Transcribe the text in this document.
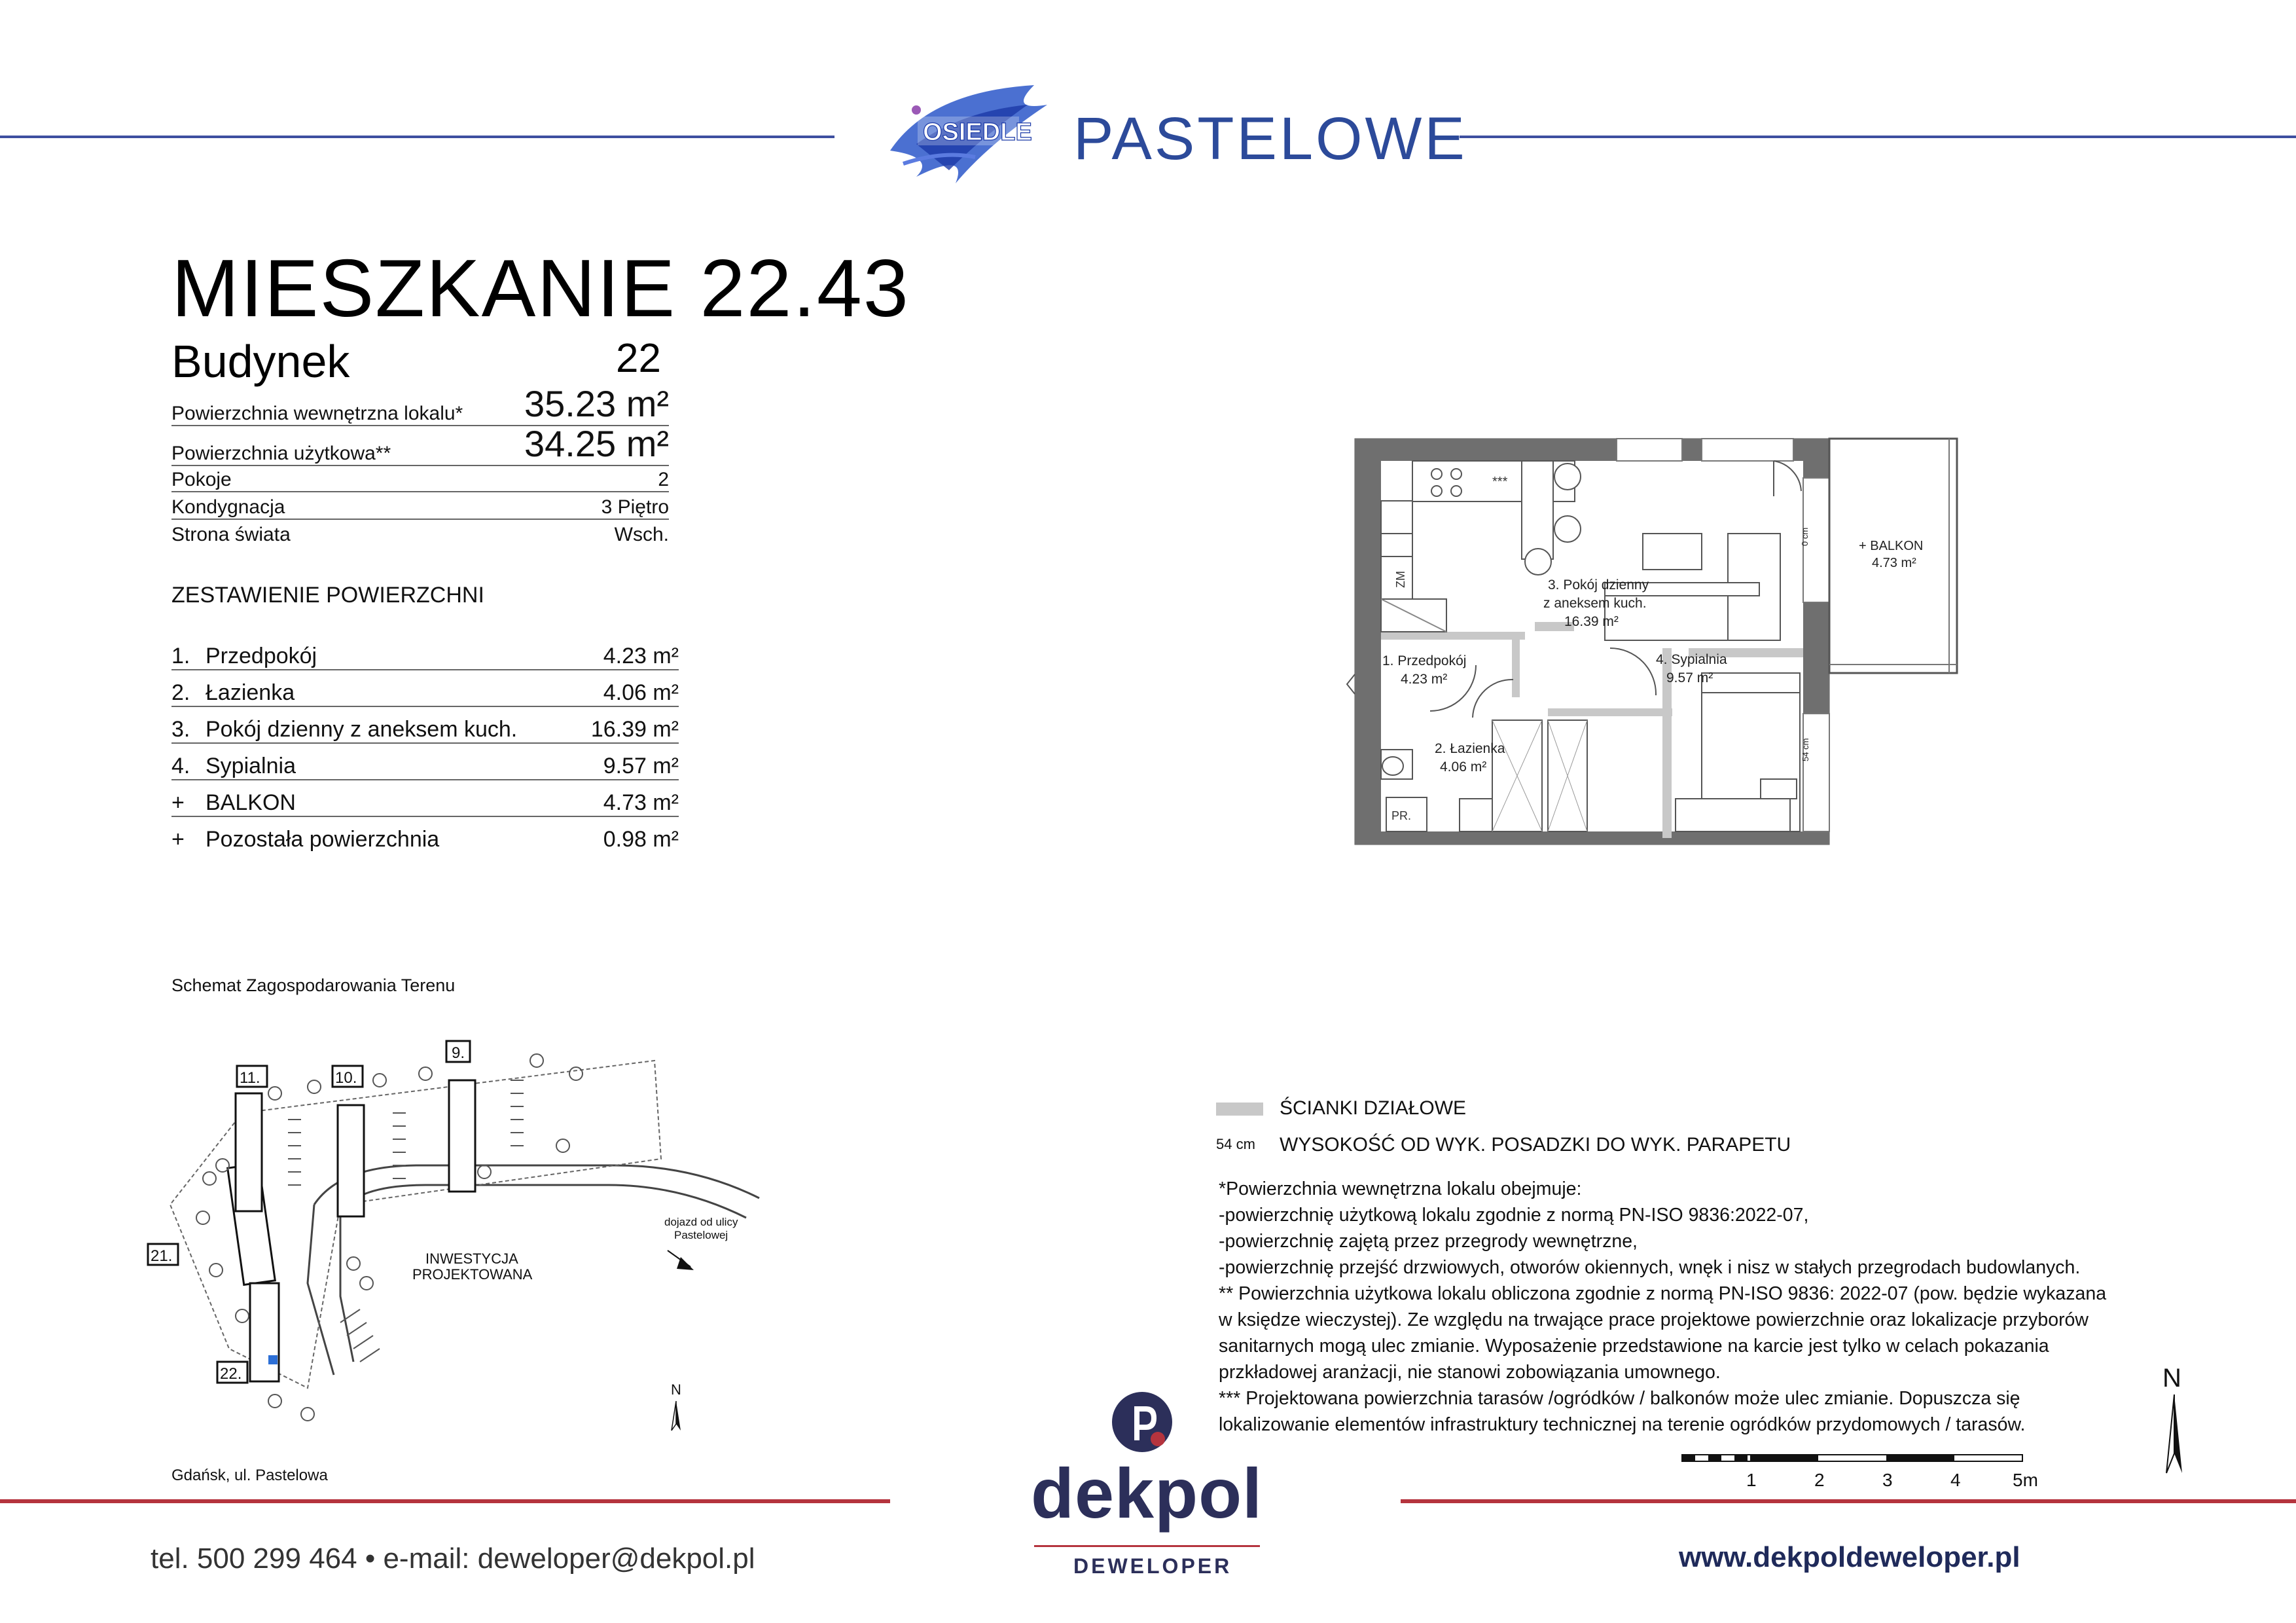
OSIEDLE PASTELOWE
MIESZKANIE 22.43
Budynek	22
Powierzchnia wewnętrzna lokalu* 35.23 m²
Powierzchnia użytkowa**	34.25 m²
Pokoje	2
Kondygnacja	3 Piętro
Strona świata	Wsch.
ZESTAWIENIE POWIERZCHNI
1. Przedpokój	4.23 m²
2. Łazienka	4.06 m²
3. Pokój dzienny z aneksem kuch.	16.39 m²
4. Sypialnia	9.57 m²
+ BALKON	4.73 m²
+ Pozostała powierzchnia	0.98 m²
***
ZM
PR.
+ BALKON
4.73 m²
3. Pokój dzienny
z aneksem kuch.
16.39 m²
1. Przedpokój
4.23 m²
2. Łazienka
4.06 m²
4. Sypialnia
9.57 m²
0 cm
54 cm
ŚCIANKI DZIAŁOWE
54 cm WYSOKOŚĆ OD WYK. POSADZKI DO WYK. PARAPETU

*Powierzchnia wewnętrzna lokalu obejmuje:

-powierzchnię użytkową lokalu zgodnie z normą PN-ISO 9836:2022-07,

-powierzchnię zajętą przez przegrody wewnętrzne,

-powierzchnię przejść drzwiowych, otworów okiennych, wnęk i nisz w stałych przegrodach budowlanych.

** Powierzchnia użytkowa lokalu obliczona zgodnie z normą PN-ISO 9836: 2022-07 (pow. będzie wykazana

w księdze wieczystej). Ze względu na trwające prace projektowe powierzchnie oraz lokalizacje przyborów

sanitarnych mogą ulec zmianie. Wyposażenie przedstawione na karcie jest tylko w celach pokazania

przkładowej aranżacji, nie stanowi zobowiązania umownego.

*** Projektowana powierzchnia tarasów /ogródków / balkonów może ulec zmianie. Dopuszcza się

lokalizowanie elementów infrastruktury technicznej na terenie ogródków przydomowych / tarasów.

1	2	3	4	5m
N
Schemat Zagospodarowania Terenu
9.
10.
11.
21.
22.
INWESTYCJA
PROJEKTOWANA
dojazd od ulicy
Pastelowej
N
Gdańsk, ul. Pastelowa
tel. 500 299 464 • e-mail: deweloper@dekpol.pl	www.dekpoldeweloper.pl
dekpol
DEWELOPER
